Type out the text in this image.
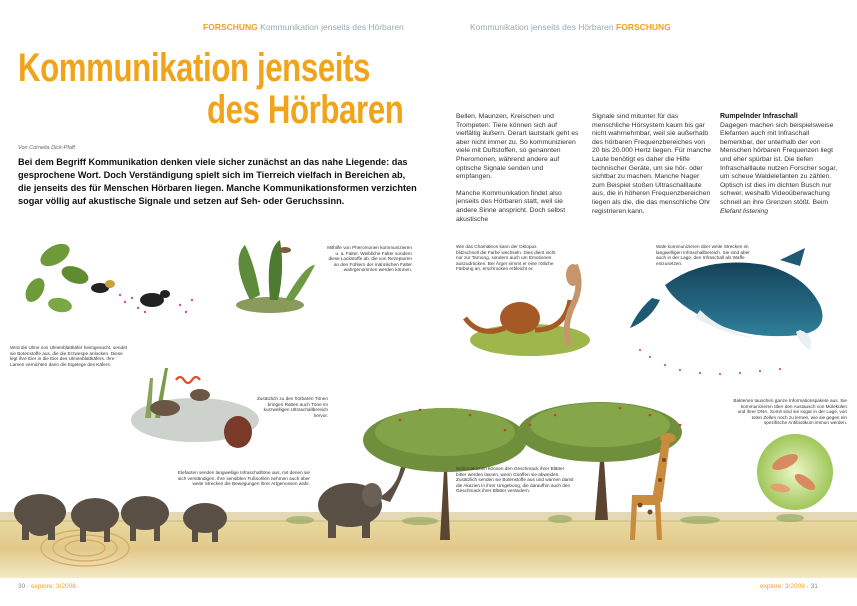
FORSCHUNG Kommunikation jenseits des Hörbaren	Kommunikation jenseits des Hörbaren FORSCHUNG
Kommunikation jenseits
des Hörbaren
Von Cornelia Dick-Pfaff
Bei dem Begriff Kommunikation denken viele sicher zunächst an das nahe Liegende: das gesprochene Wort. Doch Verständigung spielt sich im Tierreich vielfach in Bereichen ab, die jenseits des für Menschen Hörbaren liegen. Manche Kommunikationsformen verzichten sogar völlig auf akustische Signale und setzen auf Seh- oder Geruchssinn.

Bellen, Maunzen, Kreischen und Trompeten: Tiere können sich auf vielfältig äußern. Derart lautstark geht es aber nicht immer zu. So kommunizieren viele mit Duftstoffen, so genannten Pheromonen, während andere auf optische Signale senden und empfangen.

Manche Kommunikation findet also jenseits des Hörbaren statt, weil sie andere Sinne anspricht. Doch selbst akustische

Signale sind mitunter für das menschliche Hörsystem kaum bis gar nicht wahrnehmbar, weil sie außerhalb des hörbaren Frequenzbereiches von 20 bis 20.000 Hertz liegen. Für manche Laute benötigt es daher die Hilfe technischer Geräte, um sie hör- oder sichtbar zu machen. Manche Nager zum Beispiel stoßen Ultraschalllaute aus, die in höheren Frequenzbereichen liegen als die, die das menschliche Ohr registrieren kann.

Rumpelnder Infraschall

Dagegen machen sich beispielsweise Elefanten auch mit Infraschall bemerkbar, der unterhalb der von Menschen hörbaren Frequenzen liegt und eher spürbar ist. Die tiefen Infraschalllaute nutzen Forscher sogar, um scheue Waldelefanten zu zählen. Optisch ist dies im dichten Busch nur schwer, weshalb Videoüberwachung schnell an ihre Grenzen stößt. Beim Elefant listening

Wird die Ulme von Ulmenblattkäfer heimgesucht, sendet sie Botenstoffe aus, die die Erzwespe anlocken. Diese legt ihre Eier in die Eier des Ulmenblattkäfers. Ihre Larven vernichten dann die Eigelege des Käfers.
Mithilfe von Pheromonen kommunizieren u. a. Falter. Weibliche Falter sondern diese Lockstoffe ab, die von Rezeptoren an den Fühlern der männlichen Falter wahrgenommen werden können.
Zusätzlich zu den hörbaren Tönen bringen Ratten auch Töne im kurzwelligen Ultraschallbereich hervor.
Elefanten senden langwellige Infraschalltöne aus, mit denen sie sich verständigen. Ihre sensiblen Fußsohlen nehmen auch über weite Strecken die Bewegungen ihrer Artgenossen wahr.
Wie das Chamäleon kann der Oktopus blitzschnell die Farbe wechseln. Dies dient nicht nur zur Tarnung, sondern auch um Emotionen auszudrücken. Bei Ärger nimmt er eine rötliche Färbung an, erschrocken erbleicht er.
Wale kommunizieren über weite Strecken im langwelligen Infraschallbereich. Sie sind aber auch in der Lage, den Infraschall als Waffe einzusetzen.
Schirmakazien können den Geschmack ihrer Blätter bitter werden lassen, wenn Giraffen sie abweiden. Zusätzlich senden sie Botenstoffe aus und warnen damit die Akazien in ihrer Umgebung, die daraufhin auch den Geschmack ihrer Blätter verändern.
Bakterien tauschen ganze Informationspakete aus. Sie kommunizieren über den Austausch von Molekülen und ihrer DNA. Somit sind sie sogar in der Lage, von toten Zellen noch zu lernen, wie sie gegen ein spezifische Antibiotikum immun werden.
30 · explore: 3/2008	explore: 3/2008 · 31
